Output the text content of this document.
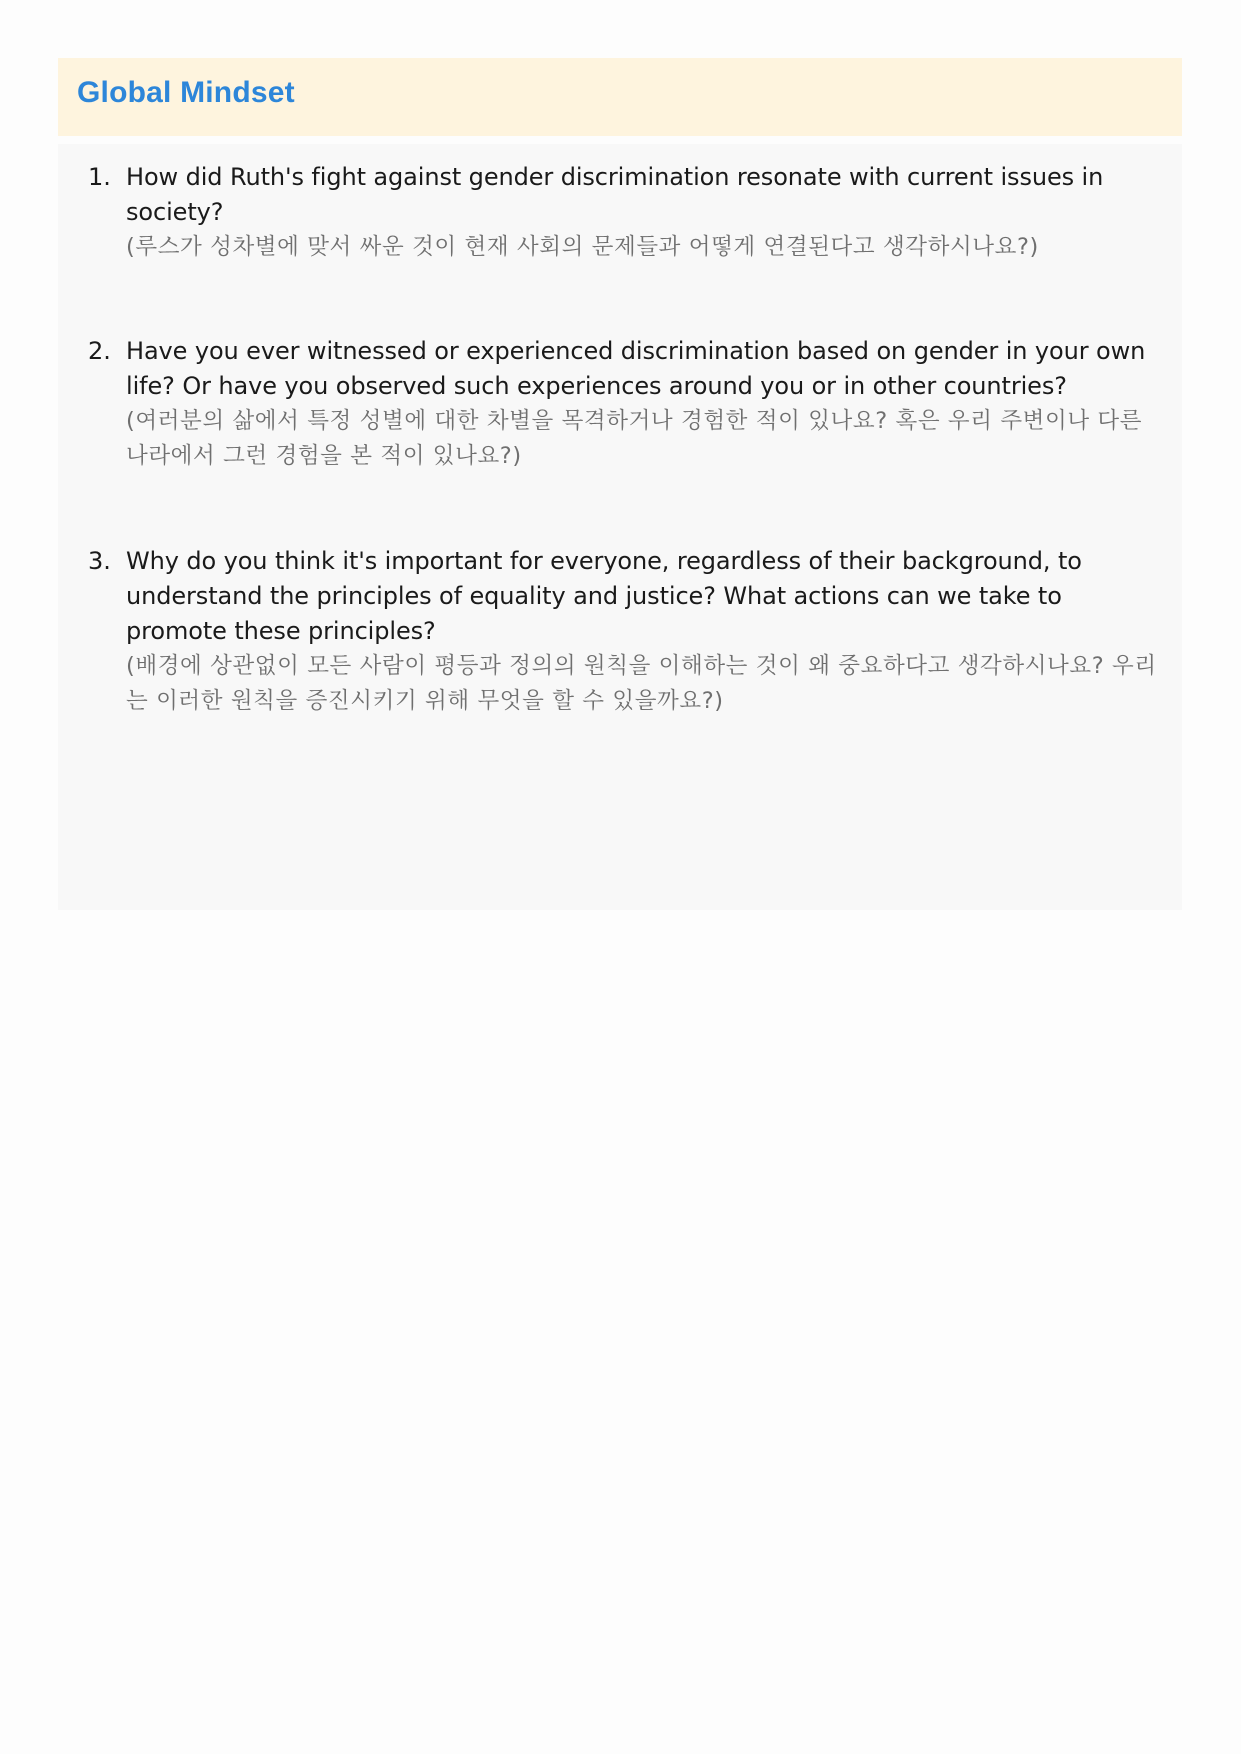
Global Mindset
1. How did Ruth's fight against gender discrimination resonate with current issues in society?
(루스가 성차별에 맞서 싸운 것이 현재 사회의 문제들과 어떻게 연결된다고 생각하시나요?)
2. Have you ever witnessed or experienced discrimination based on gender in your own life? Or have you observed such experiences around you or in other countries?
(여러분의 삶에서 특정 성별에 대한 차별을 목격하거나 경험한 적이 있나요? 혹은 우리 주변이나 다른 나라에서 그런 경험을 본 적이 있나요?)
3. Why do you think it's important for everyone, regardless of their background, to understand the principles of equality and justice? What actions can we take to promote these principles?
(배경에 상관없이 모든 사람이 평등과 정의의 원칙을 이해하는 것이 왜 중요하다고 생각하시나요? 우리는 이러한 원칙을 증진시키기 위해 무엇을 할 수 있을까요?)
